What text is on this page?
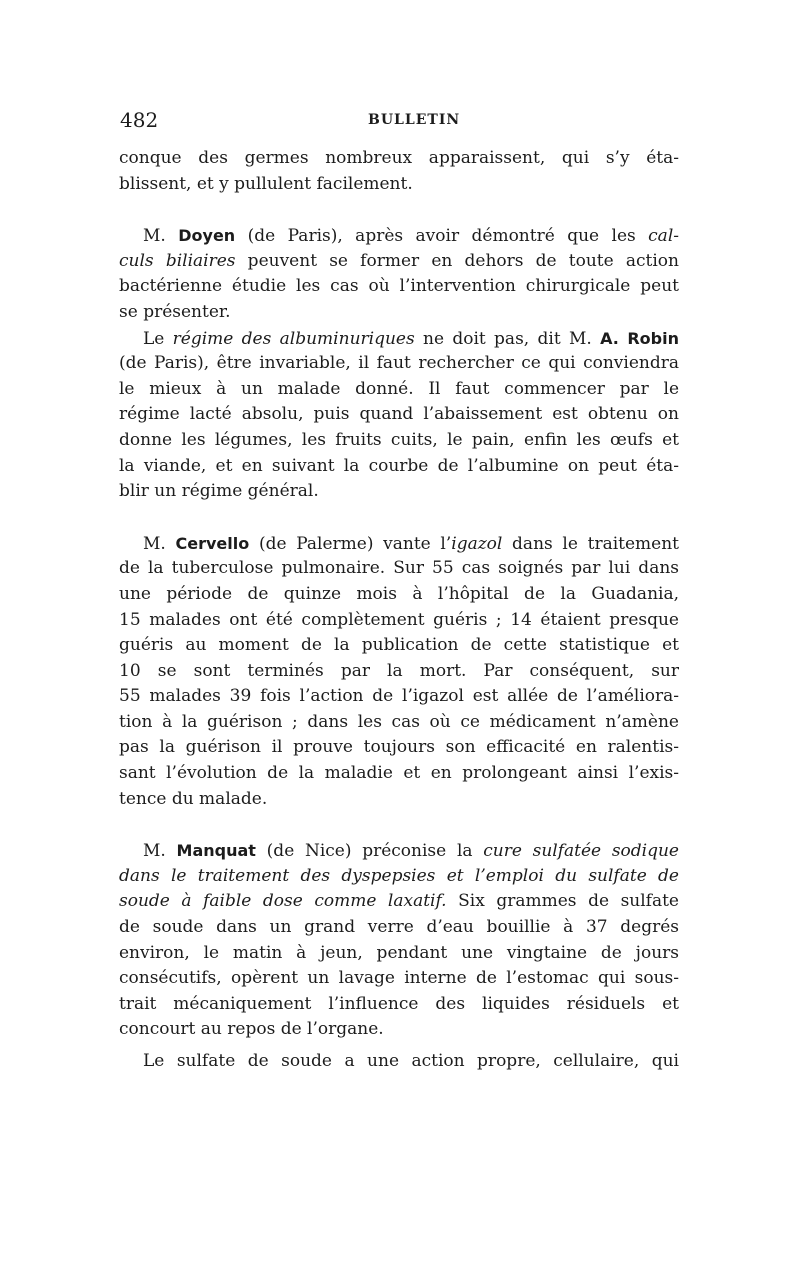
482	BULLETIN
conque des germes nombreux apparaissent, qui s’y éta-
blissent, et y pullulent facilement.
M. Doyen (de Paris), après avoir démontré que les cal-
culs biliaires peuvent se former en dehors de toute action
bactérienne étudie les cas où l’intervention chirurgicale peut
se présenter.
Le régime des albuminuriques ne doit pas, dit M. A. Robin
(de Paris), être invariable, il faut rechercher ce qui conviendra
le mieux à un malade donné. Il faut commencer par le
régime lacté absolu, puis quand l’abaissement est obtenu on
donne les légumes, les fruits cuits, le pain, enfin les œufs et
la viande, et en suivant la courbe de l’albumine on peut éta-
blir un régime général.
M. Cervello (de Palerme) vante l’igazol dans le traitement
de la tuberculose pulmonaire. Sur 55 cas soignés par lui dans
une période de quinze mois à l’hôpital de la Guadania,
15 malades ont été complètement guéris ; 14 étaient presque
guéris au moment de la publication de cette statistique et
10 se sont terminés par la mort. Par conséquent, sur
55 malades 39 fois l’action de l’igazol est allée de l’améliora-
tion à la guérison ; dans les cas où ce médicament n’amène
pas la guérison il prouve toujours son efficacité en ralentis-
sant l’évolution de la maladie et en prolongeant ainsi l’exis-
tence du malade.
M. Manquat (de Nice) préconise la cure sulfatée sodique
dans le traitement des dyspepsies et l’emploi du sulfate de
soude à faible dose comme laxatif. Six grammes de sulfate
de soude dans un grand verre d’eau bouillie à 37 degrés
environ, le matin à jeun, pendant une vingtaine de jours
consécutifs, opèrent un lavage interne de l’estomac qui sous-
trait mécaniquement l’influence des liquides résiduels et
concourt au repos de l’organe.
Le sulfate de soude a une action propre, cellulaire, qui
